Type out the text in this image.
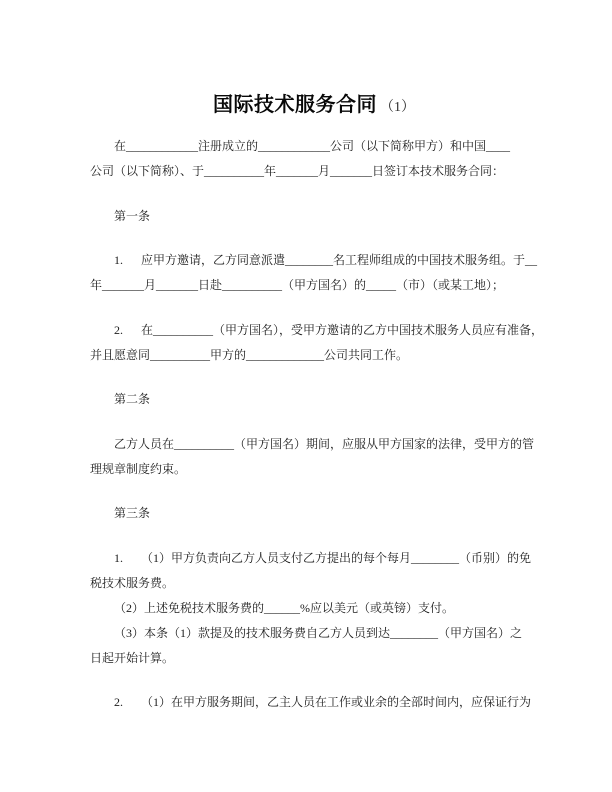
国际技术服务合同 （1）

在____________注册成立的____________公司（以下简称甲方）和中国____
公司（以下简称）、于__________年_______月_______日签订本技术服务合同：
第一条
1.      应甲方邀请，乙方同意派遣________名工程师组成的中国技术服务组。于__
年_______月_______日赴__________（甲方国名）的_____（市）（或某工地）；
2.      在__________（甲方国名），受甲方邀请的乙方中国技术服务人员应有准备，
并且愿意同__________甲方的_____________公司共同工作。
第二条
乙方人员在__________（甲方国名）期间，应服从甲方国家的法律，受甲方的管
理规章制度约束。
第三条
1.      （1）甲方负责向乙方人员支付乙方提出的每个每月________（币别）的免
税技术服务费。
（2）上述免税技术服务费的______%应以美元（或英镑）支付。
（3）本条（1）款提及的技术服务费自乙方人员到达________（甲方国名）之
日起开始计算。
2.      （1）在甲方服务期间，乙主人员在工作或业余的全部时间内，应保证行为
